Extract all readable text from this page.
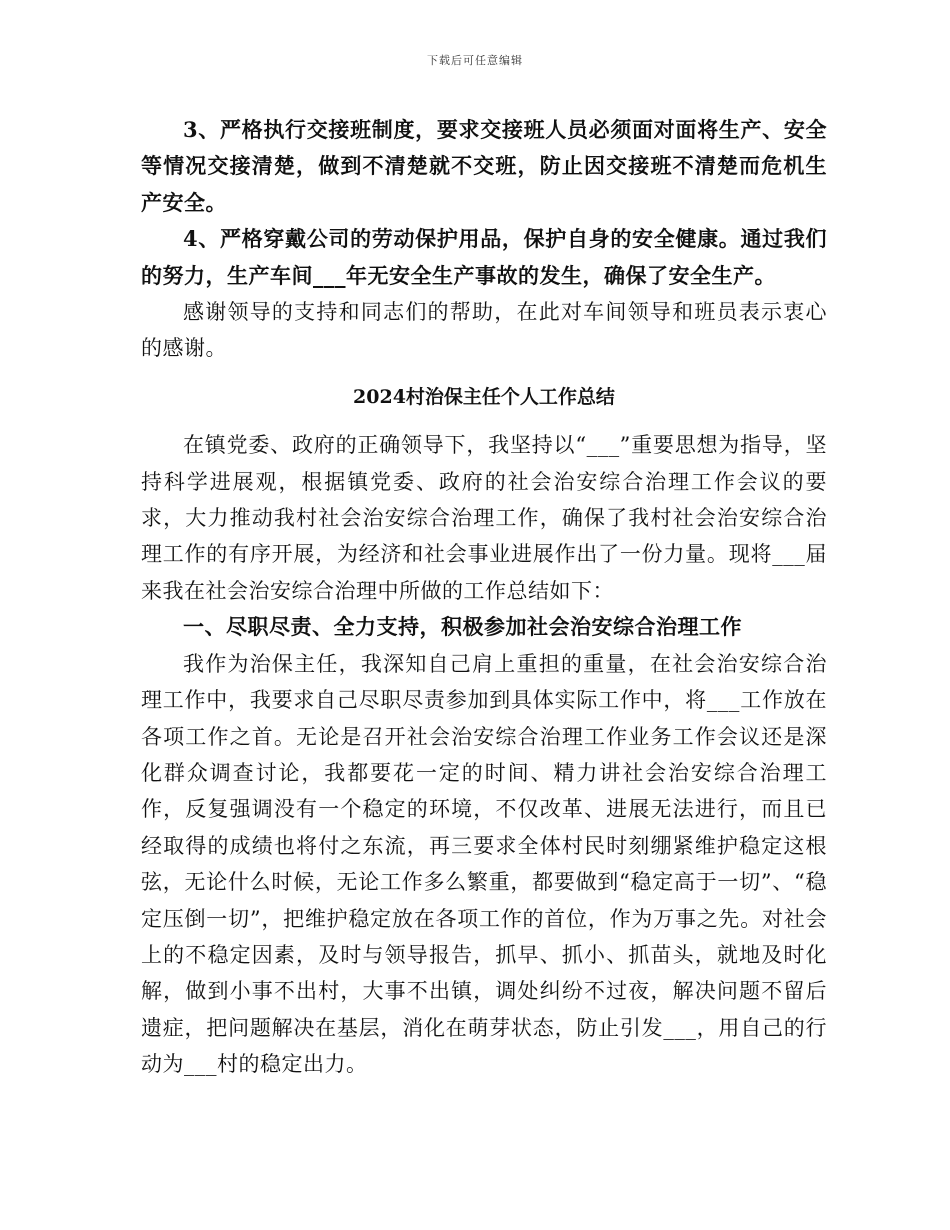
下载后可任意编辑

3、严格执行交接班制度，要求交接班人员必须面对面将生产、安全等情况交接清楚，做到不清楚就不交班，防止因交接班不清楚而危机生产安全。

4、严格穿戴公司的劳动保护用品，保护自身的安全健康。通过我们的努力，生产车间___年无安全生产事故的发生，确保了安全生产。

感谢领导的支持和同志们的帮助，在此对车间领导和班员表示衷心的感谢。

2024村治保主任个人工作总结

在镇党委、政府的正确领导下，我坚持以“___”重要思想为指导，坚持科学进展观，根据镇党委、政府的社会治安综合治理工作会议的要求，大力推动我村社会治安综合治理工作，确保了我村社会治安综合治理工作的有序开展，为经济和社会事业进展作出了一份力量。现将___届来我在社会治安综合治理中所做的工作总结如下：

一、尽职尽责、全力支持，积极参加社会治安综合治理工作

我作为治保主任，我深知自己肩上重担的重量，在社会治安综合治理工作中，我要求自己尽职尽责参加到具体实际工作中，将___工作放在各项工作之首。无论是召开社会治安综合治理工作业务工作会议还是深化群众调查讨论，我都要花一定的时间、精力讲社会治安综合治理工作，反复强调没有一个稳定的环境，不仅改革、进展无法进行，而且已经取得的成绩也将付之东流，再三要求全体村民时刻绷紧维护稳定这根弦，无论什么时候，无论工作多么繁重，都要做到“稳定高于一切”、“稳定压倒一切”，把维护稳定放在各项工作的首位，作为万事之先。对社会上的不稳定因素，及时与领导报告，抓早、抓小、抓苗头，就地及时化解，做到小事不出村，大事不出镇，调处纠纷不过夜，解决问题不留后遗症，把问题解决在基层，消化在萌芽状态，防止引发___，用自己的行动为___村的稳定出力。
